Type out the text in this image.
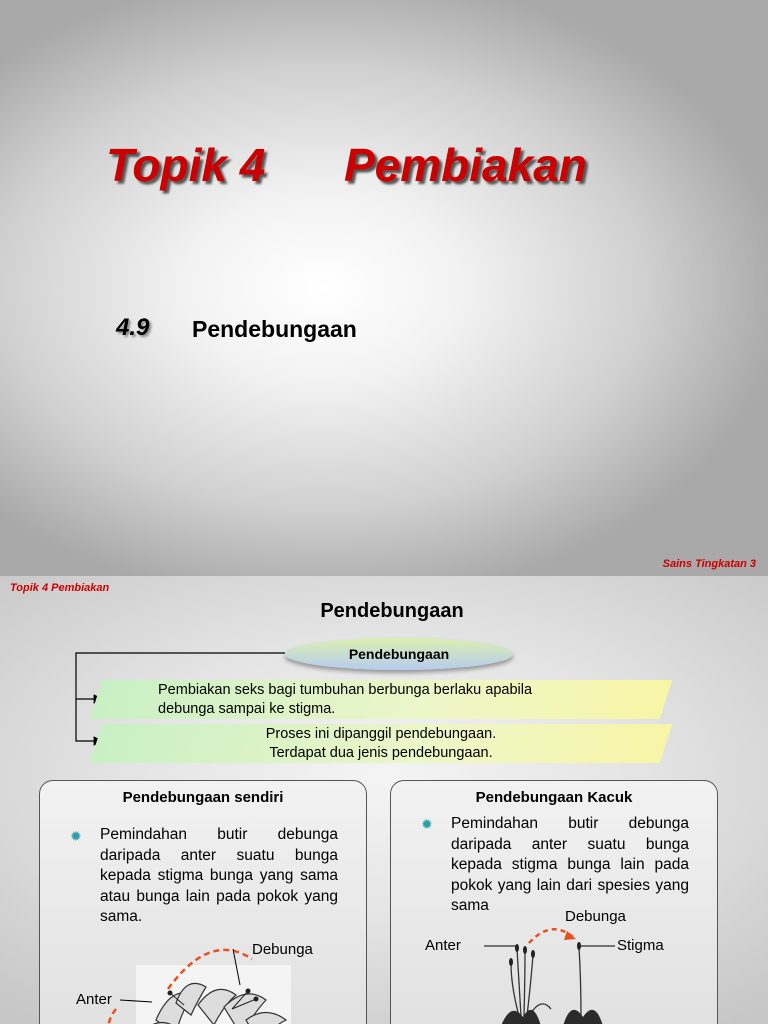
Topik 4 Pembiakan
4.9 Pendebungaan
Sains Tingkatan 3
Topik 4 Pembiakan
Pendebungaan
Pendebungaan
Pembiakan seks bagi tumbuhan berbunga berlaku apabila
debunga sampai ke stigma.
Proses ini dipanggil pendebungaan.
Terdapat dua jenis pendebungaan.
Pendebungaan sendiri
✹ Pemindahan butir debunga daripada anter suatu bunga kepada stigma bunga yang sama atau bunga lain pada pokok yang sama.
Debunga
Anter
Pendebungaan Kacuk
✹ Pemindahan butir debunga daripada anter suatu bunga kepada stigma bunga lain pada pokok yang lain dari spesies yang sama
Debunga
Anter	Stigma
